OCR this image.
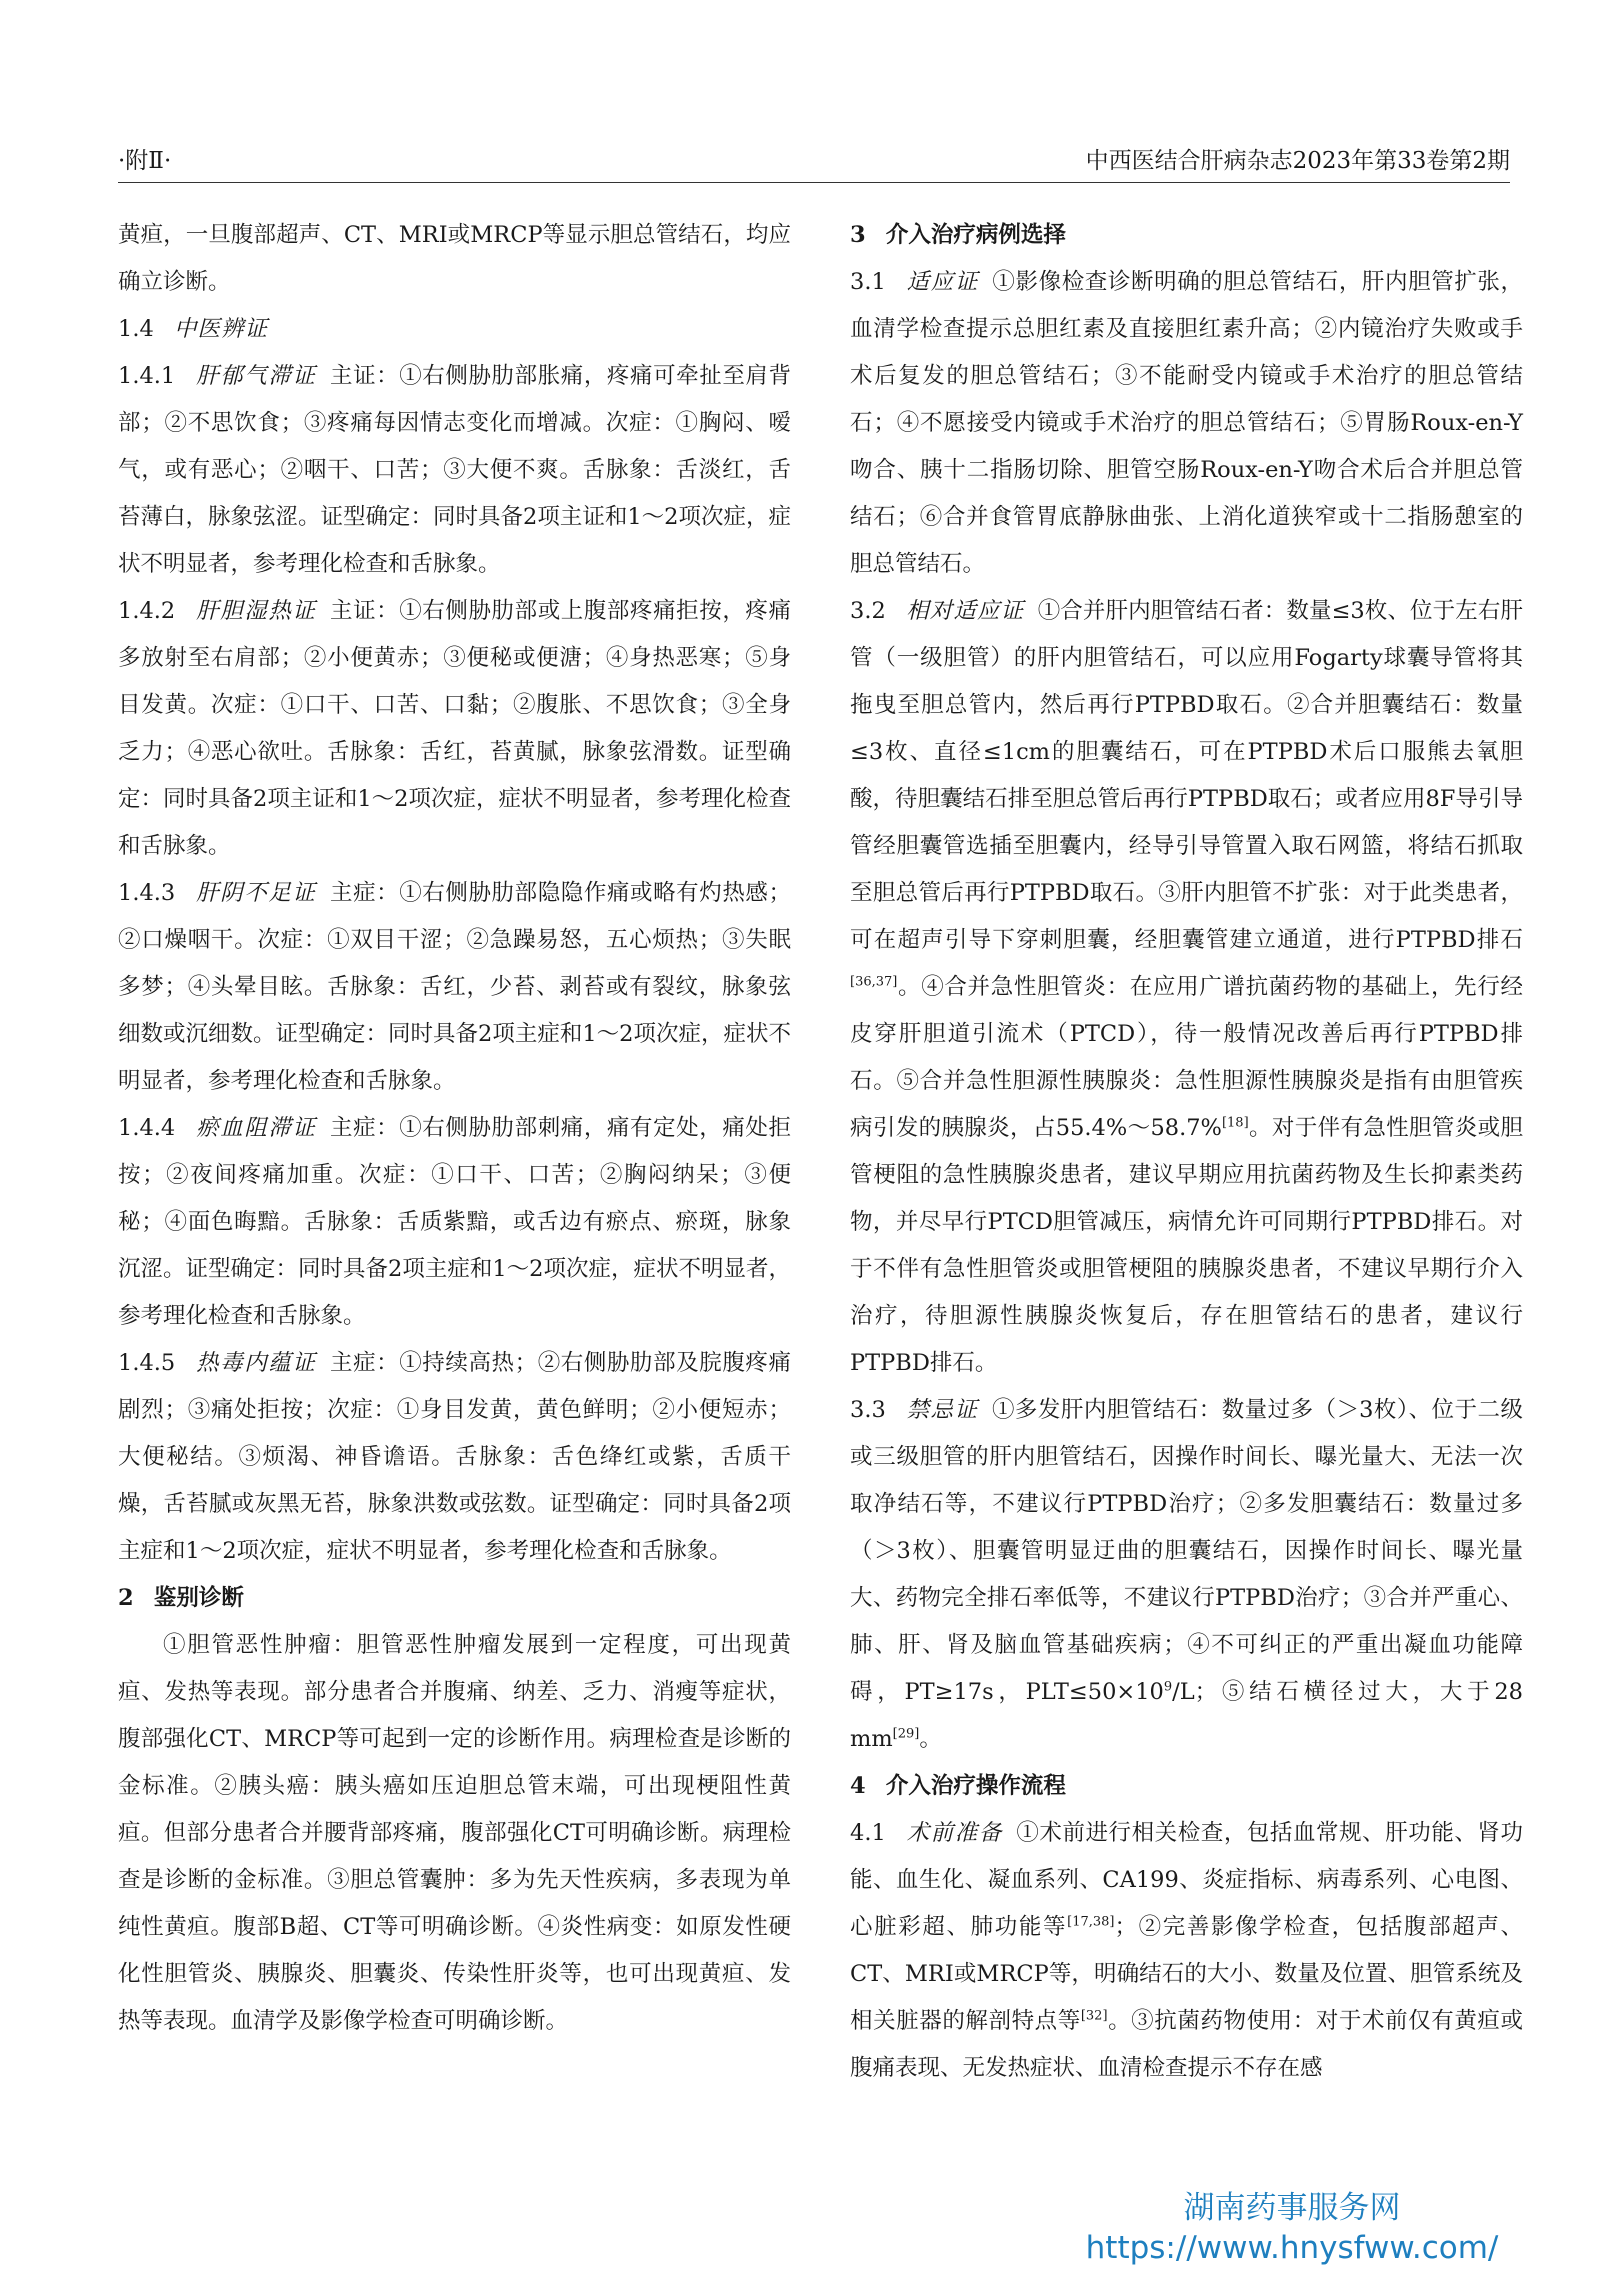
·附Ⅱ·	中西医结合肝病杂志2023年第33卷第2期

黄疸，一旦腹部超声、CT、MRI或MRCP等显示胆总管结石，均应确立诊断。

1.4 中医辨证

1.4.1 肝郁气滞证 主证：①右侧胁肋部胀痛，疼痛可牵扯至肩背部；②不思饮食；③疼痛每因情志变化而增减。次症：①胸闷、嗳气，或有恶心；②咽干、口苦；③大便不爽。舌脉象：舌淡红，舌苔薄白，脉象弦涩。证型确定：同时具备2项主证和1～2项次症，症状不明显者，参考理化检查和舌脉象。

1.4.2 肝胆湿热证 主证：①右侧胁肋部或上腹部疼痛拒按，疼痛多放射至右肩部；②小便黄赤；③便秘或便溏；④身热恶寒；⑤身目发黄。次症：①口干、口苦、口黏；②腹胀、不思饮食；③全身乏力；④恶心欲吐。舌脉象：舌红，苔黄腻，脉象弦滑数。证型确定：同时具备2项主证和1～2项次症，症状不明显者，参考理化检查和舌脉象。

1.4.3 肝阴不足证 主症：①右侧胁肋部隐隐作痛或略有灼热感；②口燥咽干。次症：①双目干涩；②急躁易怒，五心烦热；③失眠多梦；④头晕目眩。舌脉象：舌红，少苔、剥苔或有裂纹，脉象弦细数或沉细数。证型确定：同时具备2项主症和1～2项次症，症状不明显者，参考理化检查和舌脉象。

1.4.4 瘀血阻滞证 主症：①右侧胁肋部刺痛，痛有定处，痛处拒按；②夜间疼痛加重。次症：①口干、口苦；②胸闷纳呆；③便秘；④面色晦黯。舌脉象：舌质紫黯，或舌边有瘀点、瘀斑，脉象沉涩。证型确定：同时具备2项主症和1～2项次症，症状不明显者，参考理化检查和舌脉象。

1.4.5 热毒内蕴证 主症：①持续高热；②右侧胁肋部及脘腹疼痛剧烈；③痛处拒按；次症：①身目发黄，黄色鲜明；②小便短赤；大便秘结。③烦渴、神昏谵语。舌脉象：舌色绛红或紫，舌质干燥，舌苔腻或灰黑无苔，脉象洪数或弦数。证型确定：同时具备2项主症和1～2项次症，症状不明显者，参考理化检查和舌脉象。

2 鉴别诊断

①胆管恶性肿瘤：胆管恶性肿瘤发展到一定程度，可出现黄疸、发热等表现。部分患者合并腹痛、纳差、乏力、消瘦等症状，腹部强化CT、MRCP等可起到一定的诊断作用。病理检查是诊断的金标准。②胰头癌：胰头癌如压迫胆总管末端，可出现梗阻性黄疸。但部分患者合并腰背部疼痛，腹部强化CT可明确诊断。病理检查是诊断的金标准。③胆总管囊肿：多为先天性疾病，多表现为单纯性黄疸。腹部B超、CT等可明确诊断。④炎性病变：如原发性硬化性胆管炎、胰腺炎、胆囊炎、传染性肝炎等，也可出现黄疸、发热等表现。血清学及影像学检查可明确诊断。

3 介入治疗病例选择

3.1 适应证 ①影像检查诊断明确的胆总管结石，肝内胆管扩张，血清学检查提示总胆红素及直接胆红素升高；②内镜治疗失败或手术后复发的胆总管结石；③不能耐受内镜或手术治疗的胆总管结石；④不愿接受内镜或手术治疗的胆总管结石；⑤胃肠Roux-en-Y吻合、胰十二指肠切除、胆管空肠Roux-en-Y吻合术后合并胆总管结石；⑥合并食管胃底静脉曲张、上消化道狭窄或十二指肠憩室的胆总管结石。

3.2 相对适应证 ①合并肝内胆管结石者：数量≤3枚、位于左右肝管（一级胆管）的肝内胆管结石，可以应用Fogarty球囊导管将其拖曳至胆总管内，然后再行PTPBD取石。②合并胆囊结石：数量≤3枚、直径≤1cm的胆囊结石，可在PTPBD术后口服熊去氧胆酸，待胆囊结石排至胆总管后再行PTPBD取石；或者应用8F导引导管经胆囊管选插至胆囊内，经导引导管置入取石网篮，将结石抓取至胆总管后再行PTPBD取石。③肝内胆管不扩张：对于此类患者，可在超声引导下穿刺胆囊，经胆囊管建立通道，进行PTPBD排石[36,37]。④合并急性胆管炎：在应用广谱抗菌药物的基础上，先行经皮穿肝胆道引流术（PTCD），待一般情况改善后再行PTPBD排石。⑤合并急性胆源性胰腺炎：急性胆源性胰腺炎是指有由胆管疾病引发的胰腺炎，占55.4%～58.7%[18]。对于伴有急性胆管炎或胆管梗阻的急性胰腺炎患者，建议早期应用抗菌药物及生长抑素类药物，并尽早行PTCD胆管减压，病情允许可同期行PTPBD排石。对于不伴有急性胆管炎或胆管梗阻的胰腺炎患者，不建议早期行介入治疗，待胆源性胰腺炎恢复后，存在胆管结石的患者，建议行PTPBD排石。

3.3 禁忌证 ①多发肝内胆管结石：数量过多（＞3枚）、位于二级或三级胆管的肝内胆管结石，因操作时间长、曝光量大、无法一次取净结石等，不建议行PTPBD治疗；②多发胆囊结石：数量过多（＞3枚）、胆囊管明显迂曲的胆囊结石，因操作时间长、曝光量大、药物完全排石率低等，不建议行PTPBD治疗；③合并严重心、肺、肝、肾及脑血管基础疾病；④不可纠正的严重出凝血功能障碍，PT≥17s，$PLT\le 50\times 10^9/L$；⑤结石横径过大，大于28 mm[29]。

4 介入治疗操作流程

4.1 术前准备 ①术前进行相关检查，包括血常规、肝功能、肾功能、血生化、凝血系列、CA199、炎症指标、病毒系列、心电图、心脏彩超、肺功能等[17,38]；②完善影像学检查，包括腹部超声、CT、MRI或MRCP等，明确结石的大小、数量及位置、胆管系统及相关脏器的解剖特点等[32]。③抗菌药物使用：对于术前仅有黄疸或腹痛表现、无发热症状、血清检查提示不存在感

湖南药事服务网
https://www.hnysfww.com/
